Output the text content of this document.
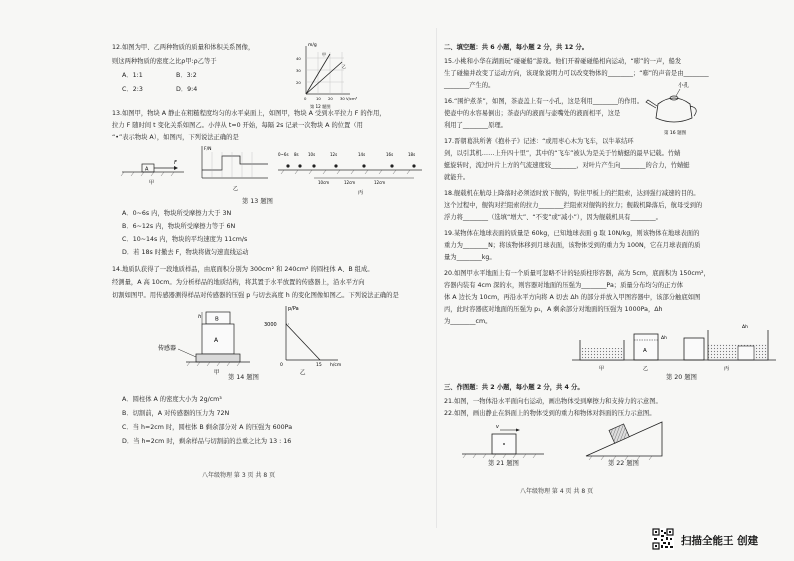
12.如图为甲、乙两种物质的质量和体积关系图像，
则这两种物质的密度之比ρ甲:ρ乙等于
A．1:1	B．3:2
C．2:3	D．9:4
m/g
40
30
20
甲
乙
0	10 20 30 V/cm³
第 12 题图
13.如图甲，物块 A 静止在粗糙程度均匀的水平桌面上，如图甲，物块 A 受到水平拉力 F 的作用，
拉力 F 随时间 t 变化关系如图乙。小萍从 t=0 开始，每隔 2s 记录一次物块 A 的位置（用
“•”表示物块 A），如图丙，下列说法正确的是
A
F
甲
F/N
乙
0~6s 8s 10s	12s	14s	16s	18s
10cm	12cm	12cm
丙
第 13 题图
A．0~6s 内，物块所受摩擦力大于 3N
B．6~12s 内，物块所受摩擦力等于 6N
C．10~14s 内，物块的平均速度为 11cm/s
D．若 18s 时撤去 F，物块将做匀速直线运动
14.地质队获得了一段地质样品，由底面积分别为 300cm² 和 240cm² 的圆柱体 A、B 组成。
经测量，A 高 10cm。为分析样品的地质结构，将其置于水平放置的传感器上，沿水平方向
切割如图甲。用传感器测得样品对传感器的压强 p 与切去高度 h 的变化图像如图乙。下列说法正确的是
B
h
A
传感器
甲
p/Pa
3000
0	15 h/cm
乙
第 14 题图
A．圆柱体 A 的密度大小为 2g/cm³
B．切割前，A 对传感器的压力为 72N
C．当 h=2cm 时，圆柱体 B 剩余部分对 A 的压强为 600Pa
D．当 h=2cm 时，剩余样品与切割前的总重之比为 13 : 16
八年级物理 第 3 页 共 8 页
二、填空题：共 6 小题，每小题 2 分，共 12 分。
15.小桃和小华在湖面玩“碰碰船”游戏。他们开着碰碰船相向运动，“嘭”的一声，船发
生了碰撞并改变了运动方向，该现象说明力可以改变物体的________；“嘭”的声音是由________
________产生的。
16.“围炉煮茶”，如图，茶壶盖上有一小孔，这是利用________的作用。
使壶中的水容易倒出；茶壶内的液面与壶嘴处的液面相平，这是
利用了________原理。
小孔
第 16 题图
17.晋朝葛洪所著《抱朴子》记述：“或用枣心木为飞车，以牛革结环
剑，以引其机……上升四十里”，其中的“飞车”被认为是关于竹蜻蜓的最早记载。竹蜻
蜓旋转时，流过叶片上方的气流速度较________，对叶片产生向________的合力，竹蜻蜓
就能升。
18.舰载机在航母上降落时必须适时放下舰钩，钩住甲板上的拦阻索，达到强行减速的目的。
这个过程中，舰钩对拦阻索的拉力________拦阻索对舰钩的拉力；舰载机降落后，航母受到的
浮力将________（选填“增大”、“不变”或“减小”），因为舰载机具有________。
19.某物体在地球表面的质量是 60kg，已知地球表面 g 取 10N/kg，则该物体在地球表面的
重力为________N；将该物体移到月球表面，该物体受到的重力为 100N，它在月球表面的质
量为________kg。
20.如图甲水平地面上有一个质量可忽略不计的轻质柱形容器，高为 5cm，底面积为 150cm²，
容器内装有 4cm 深的水，则容器对地面的压强为________Pa；质量分布均匀的正方体
体 A 边长为 10cm，再沿水平方向将 A 切去 Δh 的部分并放入甲图容器中，该部分触底如图
丙，此时容器底对地面的压强为 p₁，A 剩余部分对地面的压强为 1000Pa，Δh
为________cm。
甲
Δh
A
乙
Δh
丙
第 20 题图
三、作图题：共 2 小题，每小题 2 分，共 4 分。
21.如图，一物体沿水平面向右运动，画出物体受到摩擦力和支持力的示意图。
22.如图，画出静止在斜面上的物体受到的重力和物体对斜面的压力示意图。
v
第 21 题图	第 22 题图
八年级物理 第 4 页 共 8 页
扫描全能王 创建
